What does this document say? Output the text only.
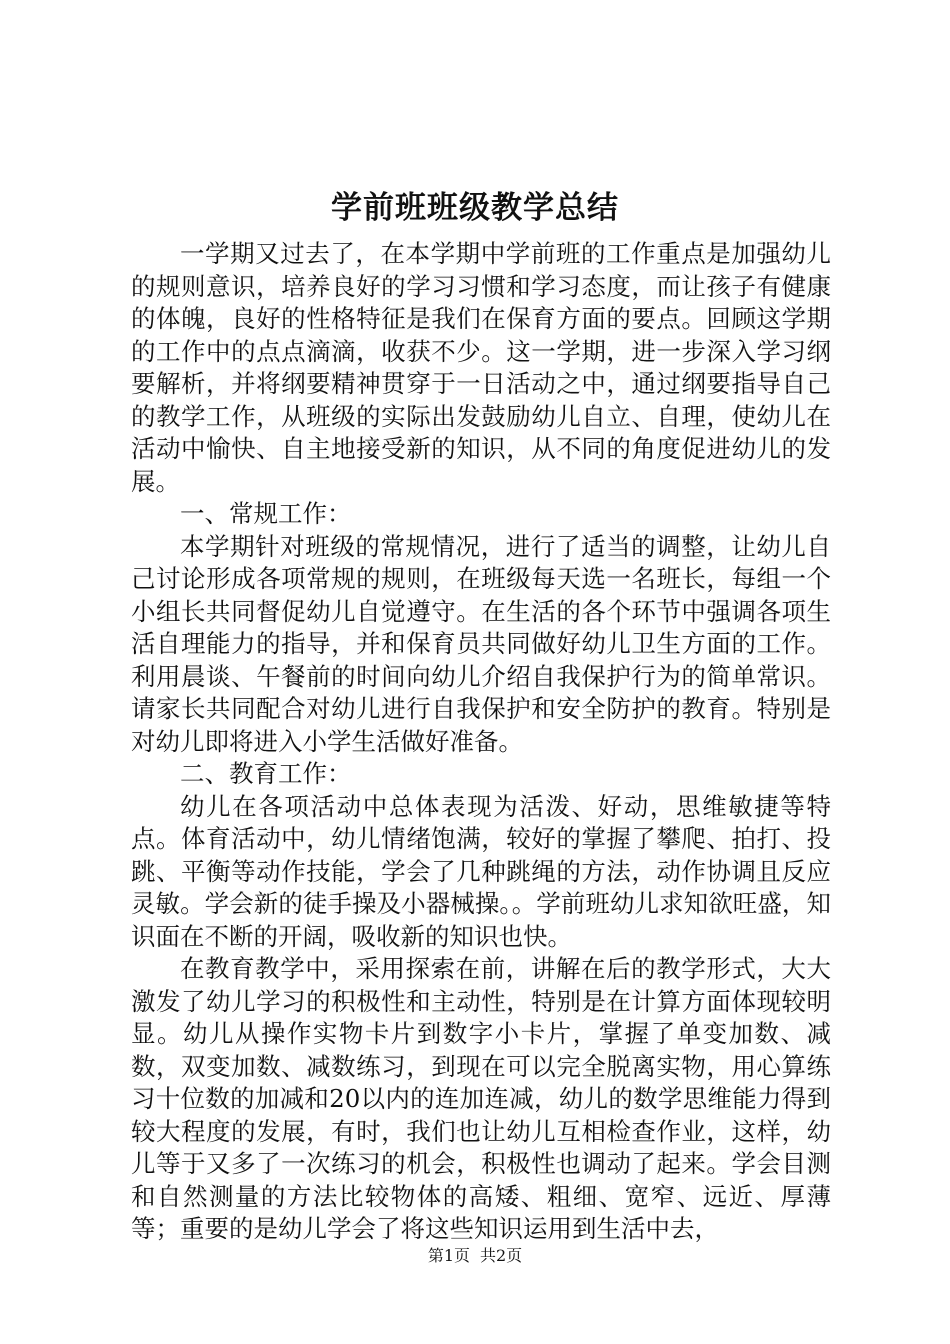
学前班班级教学总结

一学期又过去了，在本学期中学前班的工作重点是加强幼儿的规则意识，培养良好的学习习惯和学习态度，而让孩子有健康的体魄，良好的性格特征是我们在保育方面的要点。回顾这学期的工作中的点点滴滴，收获不少。这一学期，进一步深入学习纲要解析，并将纲要精神贯穿于一日活动之中，通过纲要指导自己的教学工作，从班级的实际出发鼓励幼儿自立、自理，使幼儿在活动中愉快、自主地接受新的知识，从不同的角度促进幼儿的发展。

一、常规工作：

本学期针对班级的常规情况，进行了适当的调整，让幼儿自己讨论形成各项常规的规则，在班级每天选一名班长，每组一个小组长共同督促幼儿自觉遵守。在生活的各个环节中强调各项生活自理能力的指导，并和保育员共同做好幼儿卫生方面的工作。利用晨谈、午餐前的时间向幼儿介绍自我保护行为的简单常识。请家长共同配合对幼儿进行自我保护和安全防护的教育。特别是对幼儿即将进入小学生活做好准备。

二、教育工作：

幼儿在各项活动中总体表现为活泼、好动，思维敏捷等特点。体育活动中，幼儿情绪饱满，较好的掌握了攀爬、拍打、投跳、平衡等动作技能，学会了几种跳绳的方法，动作协调且反应灵敏。学会新的徒手操及小器械操。。学前班幼儿求知欲旺盛，知识面在不断的开阔，吸收新的知识也快。

在教育教学中，采用探索在前，讲解在后的教学形式，大大激发了幼儿学习的积极性和主动性，特别是在计算方面体现较明显。幼儿从操作实物卡片到数字小卡片，掌握了单变加数、减数，双变加数、减数练习，到现在可以完全脱离实物，用心算练习十位数的加减和20以内的连加连减，幼儿的数学思维能力得到较大程度的发展，有时，我们也让幼儿互相检查作业，这样，幼儿等于又多了一次练习的机会，积极性也调动了起来。学会目测和自然测量的方法比较物体的高矮、粗细、宽窄、远近、厚薄等；重要的是幼儿学会了将这些知识运用到生活中去，

第1页 共2页
